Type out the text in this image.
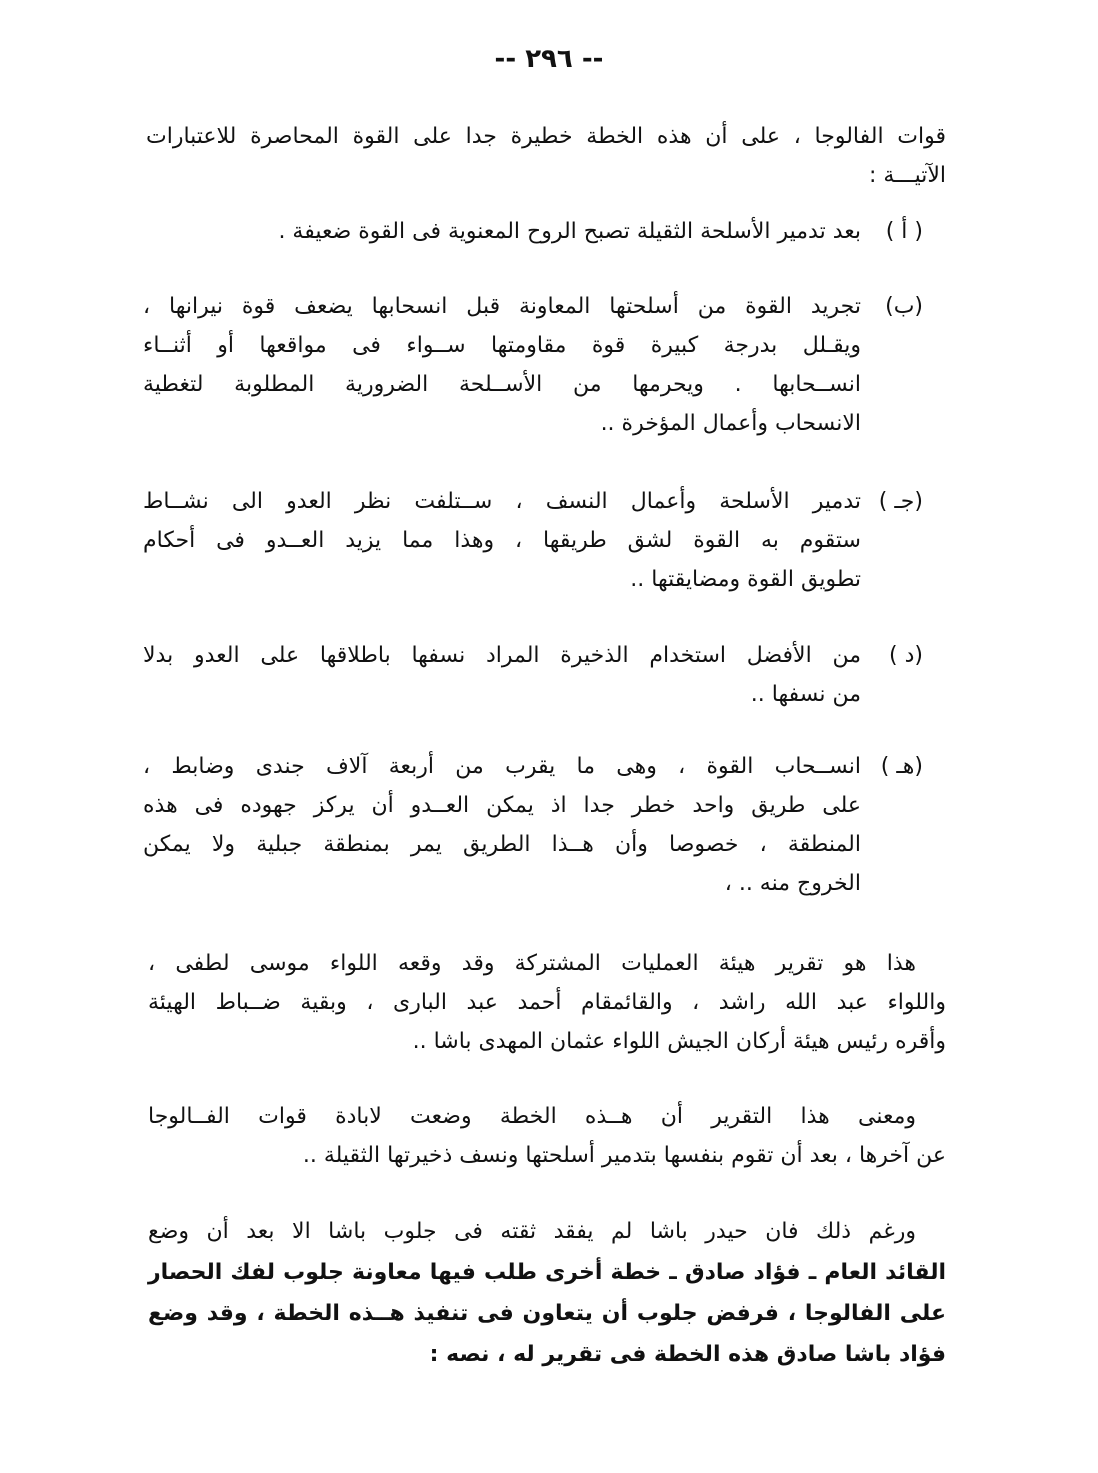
-- ٢٩٦ --
قوات الفالوجا ، على أن هذه الخطة خطيرة جدا على القوة المحاصرة للاعتبارات
الآتيـــة :
( أ )
بعد تدمير الأسلحة الثقيلة تصبح الروح المعنوية فى القوة ضعيفة .
(ب)
تجريد القوة من أسلحتها المعاونة قبل انسحابها يضعف قوة نيرانها ،
ويقـلل بدرجة كبيرة قوة مقاومتها ســواء فى مواقعها أو أثنــاء
انســحابها . ويحرمها من الأســلحة الضرورية المطلوبة لتغطية
الانسحاب وأعمال المؤخرة ..
(جـ )
تدمير الأسلحة وأعمال النسف ، ســتلفت نظر العدو الى نشــاط
ستقوم به القوة لشق طريقها ، وهذا مما يزيد العــدو فى أحكام
تطويق القوة ومضايقتها ..
(د )
من الأفضل استخدام الذخيرة المراد نسفها باطلاقها على العدو بدلا
من نسفها ..
(هـ )
انســحاب القوة ، وهى ما يقرب من أربعة آلاف جندى وضابط ،
على طريق واحد خطر جدا اذ يمكن العــدو أن يركز جهوده فى هذه
المنطقة ، خصوصا وأن هــذا الطريق يمر بمنطقة جبلية ولا يمكن
الخروج منه .. ،
هذا هو تقرير هيئة العمليات المشتركة وقد وقعه اللواء موسى لطفى ،
واللواء عبد الله راشد ، والقائمقام أحمد عبد البارى ، وبقية ضــباط الهيئة
وأقره رئيس هيئة أركان الجيش اللواء عثمان المهدى باشا ..
ومعنى هذا التقرير أن هــذه الخطة وضعت لابادة قوات الفــالوجا
عن آخرها ، بعد أن تقوم بنفسها بتدمير أسلحتها ونسف ذخيرتها الثقيلة ..
ورغم ذلك فان حيدر باشا لم يفقد ثقته فى جلوب باشا الا بعد أن وضع
القائد العام ـ فؤاد صادق ـ خطة أخرى طلب فيها معاونة جلوب لفك الحصار
على الفالوجا ، فرفض جلوب أن يتعاون فى تنفيذ هــذه الخطة ، وقد وضع
فؤاد باشا صادق هذه الخطة فى تقرير له ، نصه :
